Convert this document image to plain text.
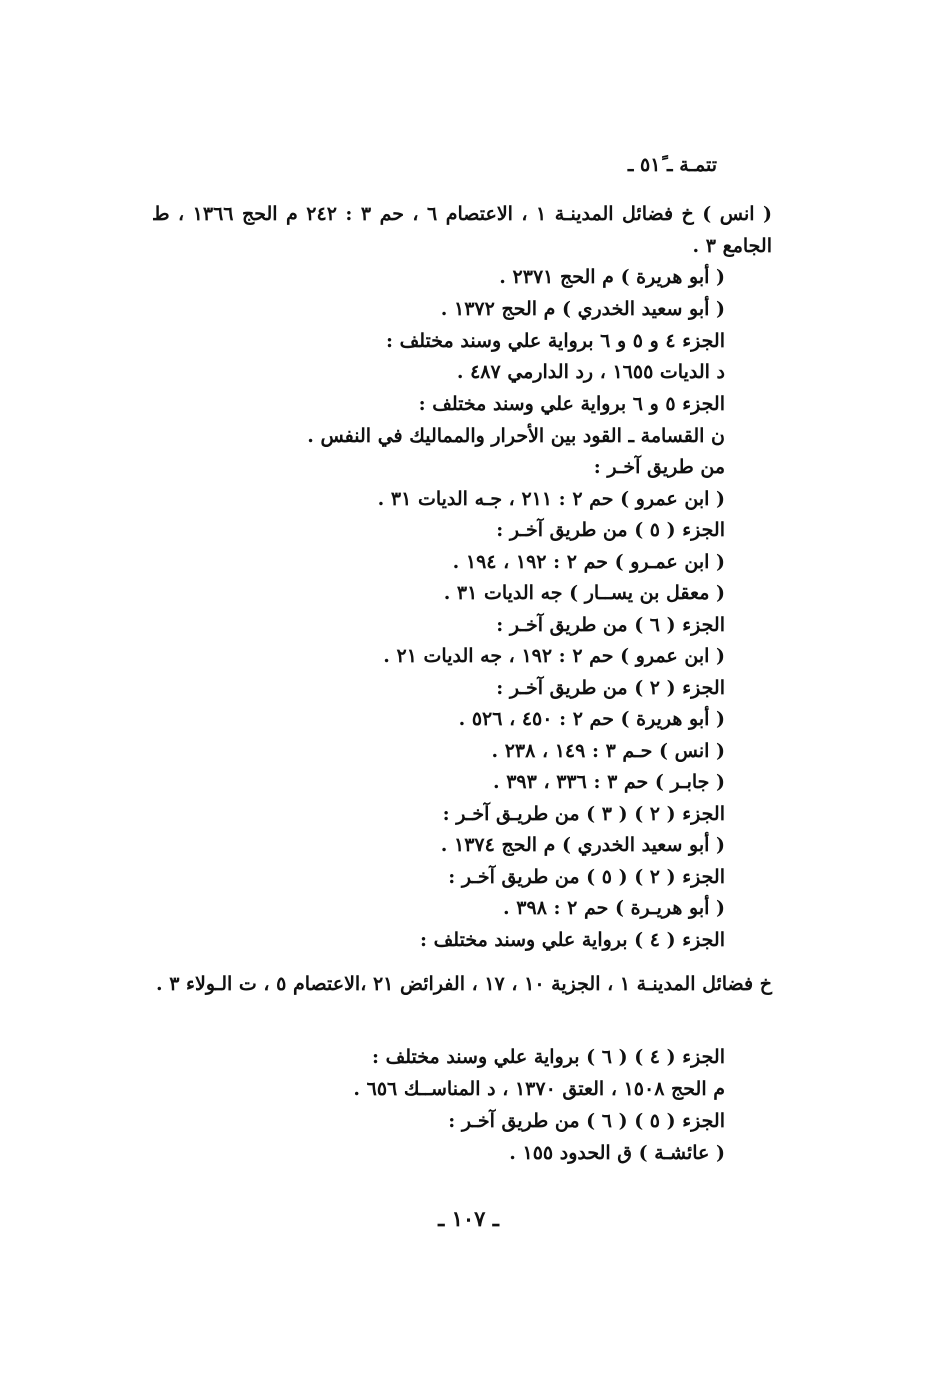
تتمـة ـ ٥١ً ـ
( انس ) خ فضائل المدينـة ١ ، الاعتصام ٦ ، حم ٣ : ٢٤٢ م الحج ١٣٦٦ ، ط الجامع ٣ .
( أبو هريرة ) م الحج ٢٣٧١ .
( أبو سعيد الخدري ) م الحج ١٣٧٢ .
الجزء ٤ و ٥ و ٦ برواية علي وسند مختلف :
د الديات ١٦٥٥ ، رد الدارمي ٤٨٧ .
الجزء ٥ و ٦ برواية علي وسند مختلف :
ن القسامة ـ القود بين الأحرار والمماليك في النفس .
من طريق آخـر :
( ابن عمرو ) حم ٢ : ٢١١ ، جـه الديات ٣١ .
الجزء ( ٥ ) من طريق آخـر :
( ابن عمـرو ) حم ٢ : ١٩٢ ، ١٩٤ .
( معقل بن يســار ) جه الديات ٣١ .
الجزء ( ٦ ) من طريق آخـر :
( ابن عمرو ) حم ٢ : ١٩٢ ، جه الديات ٢١ .
الجزء ( ٢ ) من طريق آخـر :
( أبو هريرة ) حم ٢ : ٤٥٠ ، ٥٢٦ .
( انس ) حـم ٣ : ١٤٩ ، ٢٣٨ .
( جابـر ) حم ٣ : ٣٣٦ ، ٣٩٣ .
الجزء ( ٢ ) ( ٣ ) من طريـق آخـر :
( أبو سعيد الخدري ) م الحج ١٣٧٤ .
الجزء ( ٢ ) ( ٥ ) من طريق آخـر :
( أبو هريـرة ) حم ٢ : ٣٩٨ .
الجزء ( ٤ ) برواية علي وسند مختلف :
خ فضائل المدينـة ١ ، الجزية ١٠ ، ١٧ ، الفرائض ٢١ ،الاعتصام ٥ ، ت الـولاء ٣ .
الجزء ( ٤ ) ( ٦ ) برواية علي وسند مختلف :
م الحج ١٥٠٨ ، العتق ١٣٧٠ ، د المناســك ٦٥٦ .
الجزء ( ٥ ) ( ٦ ) من طريق آخـر :
( عائشـة ) ق الحدود ١٥٥ .
ـ ١٠٧ ـ
